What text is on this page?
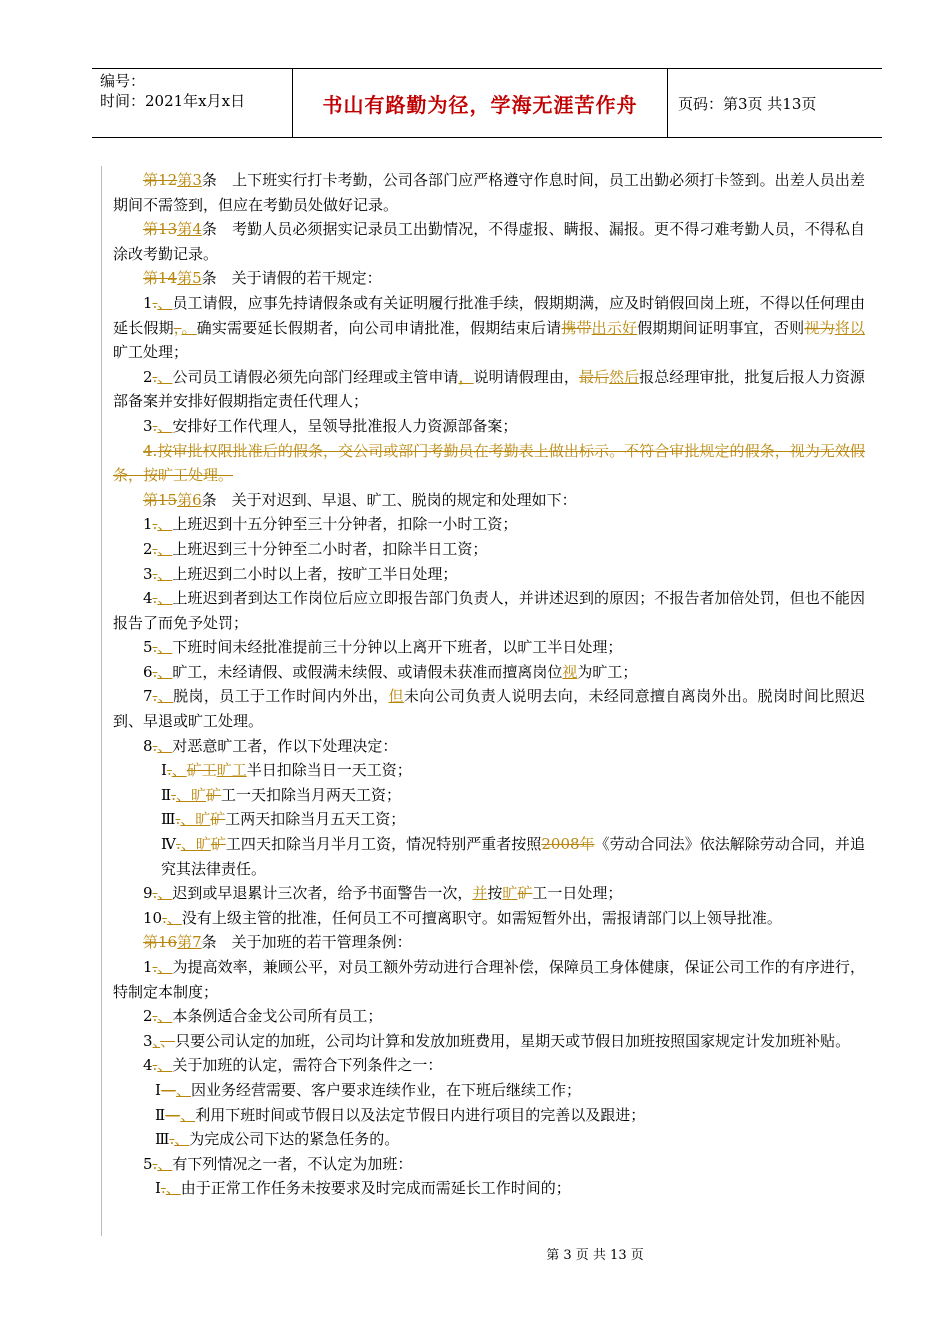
编号：
时间：2021年x月x日	书山有路勤为径，学海无涯苦作舟	页码：第3页 共13页

第12第3条　上下班实行打卡考勤，公司各部门应严格遵守作息时间，员工出勤必须打卡签到。出差人员出差期间不需签到，但应在考勤员处做好记录。

第13第4条　考勤人员必须据实记录员工出勤情况，不得虚报、瞒报、漏报。更不得刁难考勤人员，不得私自涂改考勤记录。

第14第5条　关于请假的若干规定：

1.、员工请假，应事先持请假条或有关证明履行批准手续，假期期满，应及时销假回岗上班，不得以任何理由延长假期，。确实需要延长假期者，向公司申请批准，假期结束后请携带出示好假期期间证明事宜，否则视为将以旷工处理；

2.、公司员工请假必须先向部门经理或主管申请，说明请假理由，最后然后报总经理审批，批复后报人力资源部备案并安排好假期指定责任代理人；

3.、安排好工作代理人，呈领导批准报人力资源部备案；

4.按审批权限批准后的假条，交公司或部门考勤员在考勤表上做出标示。不符合审批规定的假条，视为无效假条，按旷工处理。

第15第6条　关于对迟到、早退、旷工、脱岗的规定和处理如下：

1.、上班迟到十五分钟至三十分钟者，扣除一小时工资；

2.、上班迟到三十分钟至二小时者，扣除半日工资；

3.、上班迟到二小时以上者，按旷工半日处理；

4.、上班迟到者到达工作岗位后应立即报告部门负责人，并讲述迟到的原因；不报告者加倍处罚，但也不能因报告了而免予处罚；

5.、下班时间未经批准提前三十分钟以上离开下班者，以旷工半日处理；

6.、旷工，未经请假、或假满未续假、或请假未获准而擅离岗位视为旷工；

7.、脱岗，员工于工作时间内外出，但未向公司负责人说明去向，未经同意擅自离岗外出。脱岗时间比照迟到、早退或旷工处理。

8.、对恶意旷工者，作以下处理决定：

Ⅰ.、矿工旷工半日扣除当日一天工资；

Ⅱ.、旷矿工一天扣除当月两天工资；

Ⅲ.、旷矿工两天扣除当月五天工资；

Ⅳ.、旷矿工四天扣除当月半月工资，情况特别严重者按照2008年《劳动合同法》依法解除劳动合同，并追究其法律责任。

9.、迟到或早退累计三次者，给予书面警告一次，并按旷矿工一日处理；

10.、没有上级主管的批准，任何员工不可擅离职守。如需短暂外出，需报请部门以上领导批准。

第16第7条　关于加班的若干管理条例：

1.、为提高效率，兼顾公平，对员工额外劳动进行合理补偿，保障员工身体健康，保证公司工作的有序进行，特制定本制度；

2.、本条例适合金戈公司所有员工；

3、、只要公司认定的加班，公司均计算和发放加班费用，星期天或节假日加班按照国家规定计发加班补贴。

4.、关于加班的认定，需符合下列条件之一：

Ⅰ—、因业务经营需要、客户要求连续作业，在下班后继续工作；

Ⅱ—、利用下班时间或节假日以及法定节假日内进行项目的完善以及跟进；

Ⅲ.、为完成公司下达的紧急任务的。

5.、有下列情况之一者，不认定为加班：

Ⅰ.、由于正常工作任务未按要求及时完成而需延长工作时间的；

第 3 页 共 13 页
